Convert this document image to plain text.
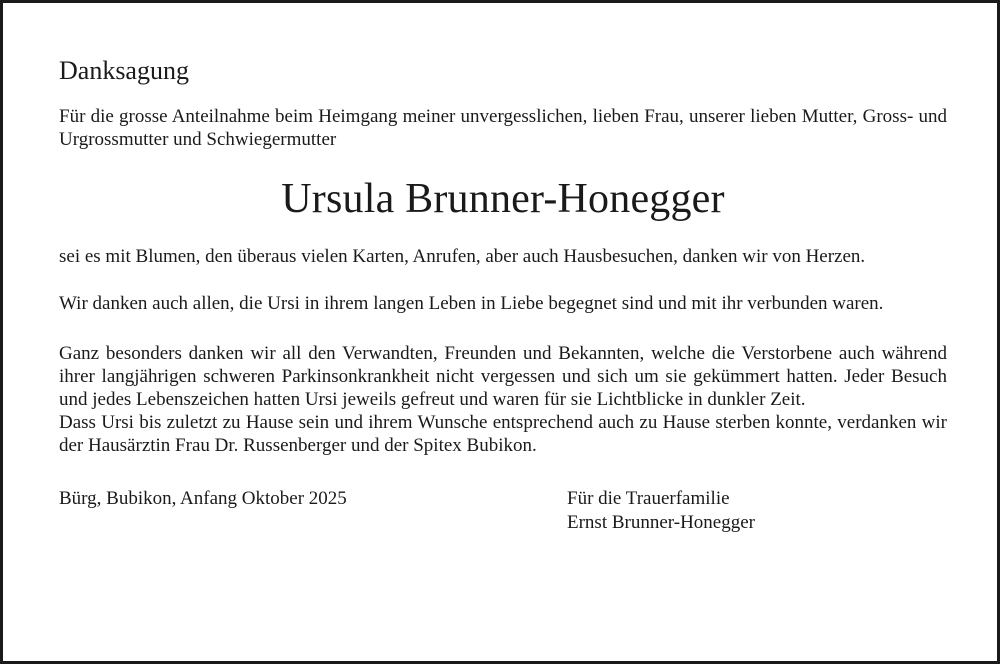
Danksagung

Für die grosse Anteilnahme beim Heimgang meiner unvergesslichen, lieben Frau, unserer lieben Mutter, Gross- und Urgrossmutter und Schwiegermutter

Ursula Brunner-Honegger

sei es mit Blumen, den überaus vielen Karten, Anrufen, aber auch Hausbesuchen, danken wir von Herzen.

Wir danken auch allen, die Ursi in ihrem langen Leben in Liebe begegnet sind und mit ihr verbunden waren.

Ganz besonders danken wir all den Verwandten, Freunden und Bekannten, welche die Verstorbene auch während ihrer langjährigen schweren Parkinsonkrankheit nicht vergessen und sich um sie gekümmert hatten. Jeder Besuch und jedes Lebenszeichen hatten Ursi jeweils gefreut und waren für sie Lichtblicke in dunkler Zeit.

Dass Ursi bis zuletzt zu Hause sein und ihrem Wunsche entsprechend auch zu Hause sterben konnte, verdanken wir der Hausärztin Frau Dr. Russenberger und der Spitex Bubikon.

Bürg, Bubikon, Anfang Oktober 2025	Für die Trauerfamilie
Ernst Brunner-Honegger
